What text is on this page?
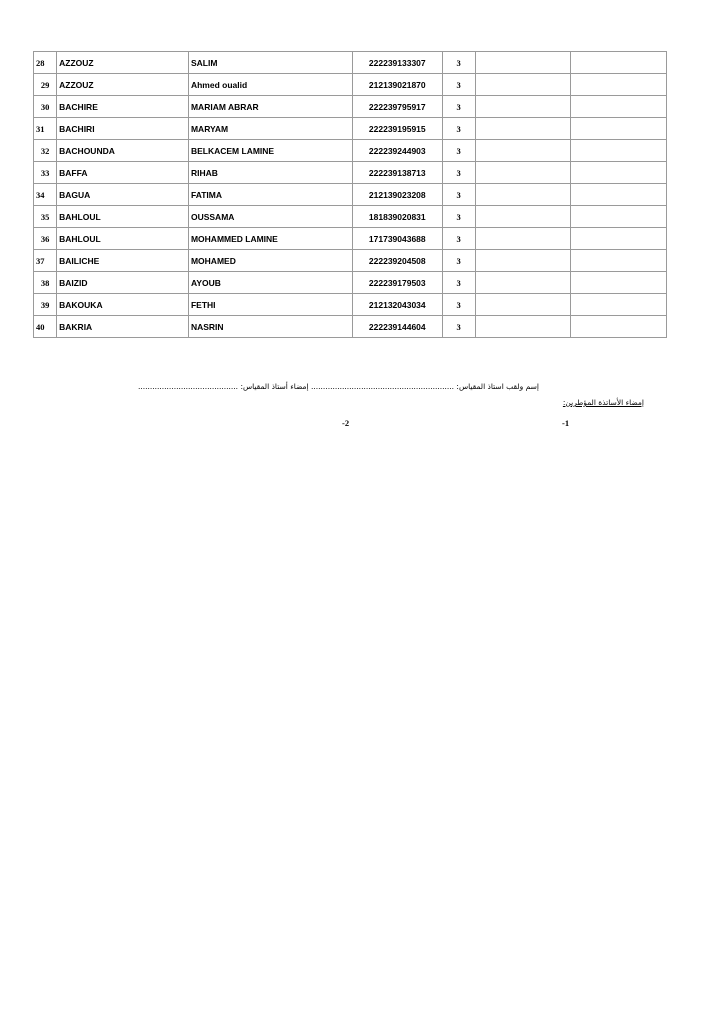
28	AZZOUZ	SALIM	222239133307	3		
29	AZZOUZ	Ahmed oualid	212139021870	3		
30	BACHIRE	MARIAM ABRAR	222239795917	3		
31	BACHIRI	MARYAM	222239195915	3		
32	BACHOUNDA	BELKACEM LAMINE	222239244903	3		
33	BAFFA	RIHAB	222239138713	3		
34	BAGUA	FATIMA	212139023208	3		
35	BAHLOUL	OUSSAMA	181839020831	3		
36	BAHLOUL	MOHAMMED LAMINE	171739043688	3		
37	BAILICHE	MOHAMED	222239204508	3		
38	BAIZID	AYOUB	222239179503	3		
39	BAKOUKA	FETHI	212132043034	3		
40	BAKRIA	NASRIN	222239144604	3		
إسم ولقب استاذ المقياس: ............................................................ إمضاء أستاذ المقياس: ..........................................
إمضاء الأساتذة المؤطرين:
-1
-2
